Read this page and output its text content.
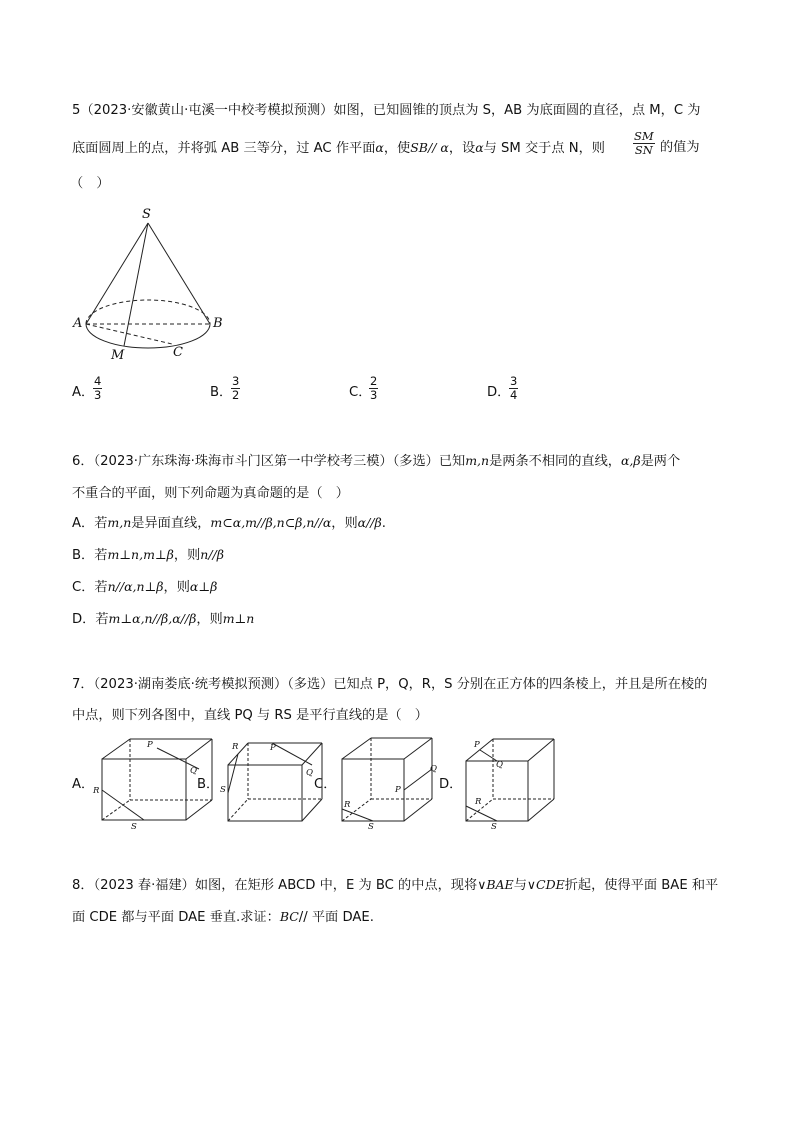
5（2023·安徽黄山·屯溪一中校考模拟预测）如图，已知圆锥的顶点为 S，AB 为底面圆的直径，点 M，C 为
底面圆周上的点，并将弧 AB 三等分，过 AC 作平面α，使SB// α，设α与 SM 交于点 N，则 $\frac{SM}{SN}$ 的值为
（　）
S
A	B
M	C
A．
$\frac{4}{3}$	B．
$\frac{3}{2}$	C．
$\frac{2}{3}$	D．
$\frac{3}{4}$
6．（2023·广东珠海·珠海市斗门区第一中学校考三模）（多选）已知m,n是两条不相同的直线，α,β是两个
不重合的平面，则下列命题为真命题的是（　）
A．若m,n是异面直线，m⊂α,m//β,n⊂β,n//α，则α//β.
B．若m⊥n,m⊥β，则n//β
C．若n//α,n⊥β，则α⊥β
D．若m⊥α,n//β,α//β，则m⊥n
7．（2023·湖南娄底·统考模拟预测）（多选）已知点 P，Q，R，S 分别在正方体的四条棱上，并且是所在棱的
中点，则下列各图中，直线 PQ 与 RS 是平行直线的是（　）
A．	B．	C．	D．
P
Q
R
S
P
Q
R
S	P
Q
R
S
P
Q
R
S
8．（2023 春·福建）如图，在矩形 ABCD 中，E 为 BC 的中点，现将∨BAE与∨CDE折起，使得平面 BAE 和平
面 CDE 都与平面 DAE 垂直.求证：BC// 平面 DAE.
